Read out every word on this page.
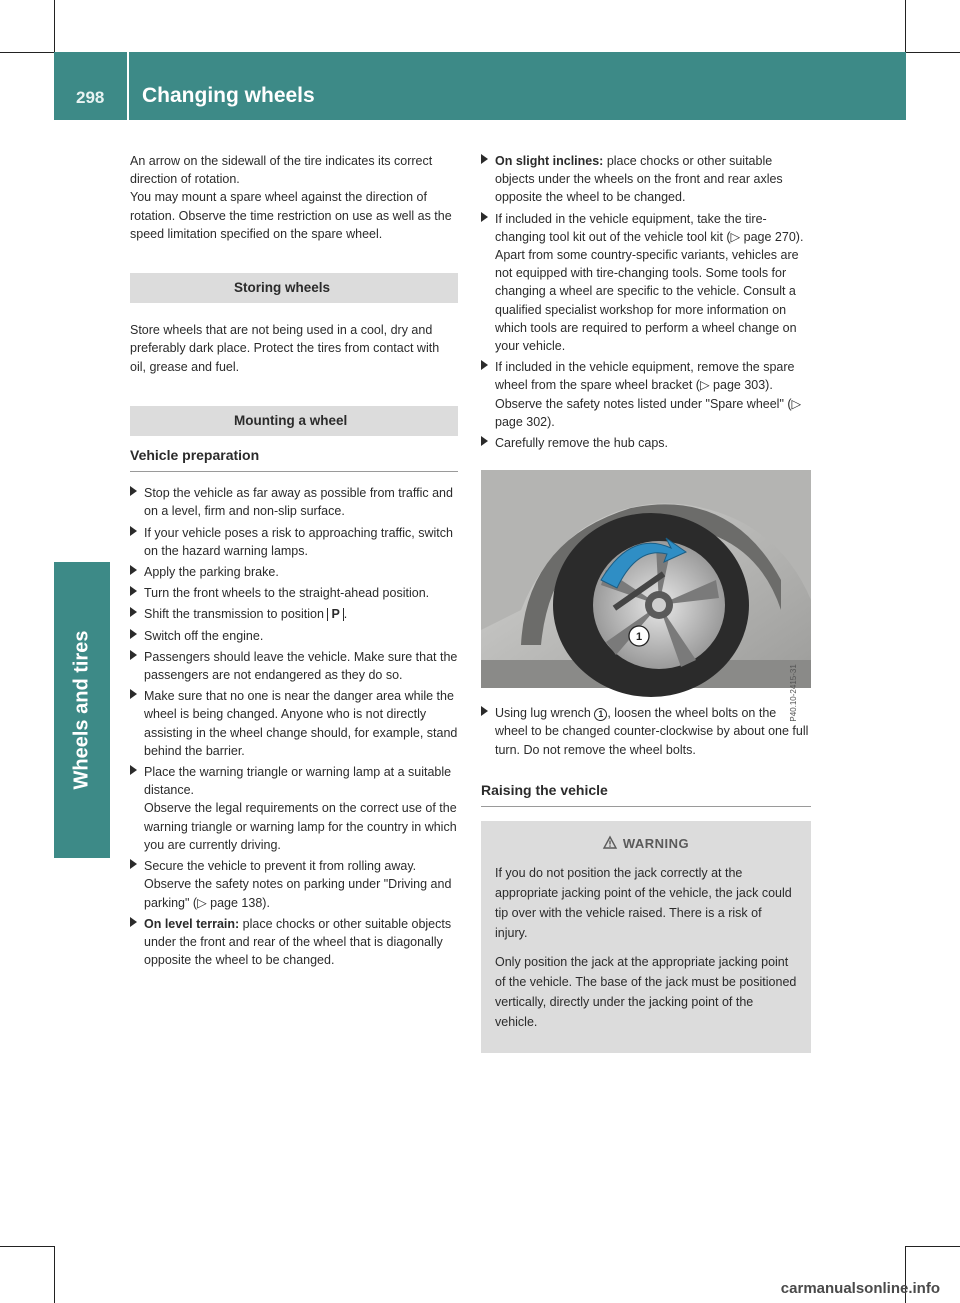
298 Changing wheels
Wheels and tires

An arrow on the sidewall of the tire indicates its correct direction of rotation.

You may mount a spare wheel against the direction of rotation. Observe the time restriction on use as well as the speed limitation specified on the spare wheel.

Storing wheels

Store wheels that are not being used in a cool, dry and preferably dark place. Protect the tires from contact with oil, grease and fuel.

Mounting a wheel
Vehicle preparation
Stop the vehicle as far away as possible from traffic and on a level, firm and non-slip surface.
If your vehicle poses a risk to approaching traffic, switch on the hazard warning lamps.
Apply the parking brake.
Turn the front wheels to the straight-ahead position.
Shift the transmission to position P .
Switch off the engine.
Passengers should leave the vehicle. Make sure that the passengers are not endangered as they do so.
Make sure that no one is near the danger area while the wheel is being changed. Anyone who is not directly assisting in the wheel change should, for example, stand behind the barrier.
Place the warning triangle or warning lamp at a suitable distance.
Observe the legal requirements on the correct use of the warning triangle or warning lamp for the country in which you are currently driving.
Secure the vehicle to prevent it from rolling away.
Observe the safety notes on parking under "Driving and parking" (▷ page 138).
On level terrain: place chocks or other suitable objects under the front and rear of the wheel that is diagonally opposite the wheel to be changed.
On slight inclines: place chocks or other suitable objects under the wheels on the front and rear axles opposite the wheel to be changed.
If included in the vehicle equipment, take the tire-changing tool kit out of the vehicle tool kit (▷ page 270).
Apart from some country-specific variants, vehicles are not equipped with tire-changing tools. Some tools for changing a wheel are specific to the vehicle. Consult a qualified specialist workshop for more information on which tools are required to perform a wheel change on your vehicle.
If included in the vehicle equipment, remove the spare wheel from the spare wheel bracket (▷ page 303). Observe the safety notes listed under "Spare wheel" (▷ page 302).
Carefully remove the hub caps.
1
P40.10-2415-31
Using lug wrench 1 , loosen the wheel bolts on the wheel to be changed counter-clockwise by about one full turn. Do not remove the wheel bolts.
Raising the vehicle
WARNING

If you do not position the jack correctly at the appropriate jacking point of the vehicle, the jack could tip over with the vehicle raised. There is a risk of injury.

Only position the jack at the appropriate jacking point of the vehicle. The base of the jack must be positioned vertically, directly under the jacking point of the vehicle.

carmanualsonline.info
